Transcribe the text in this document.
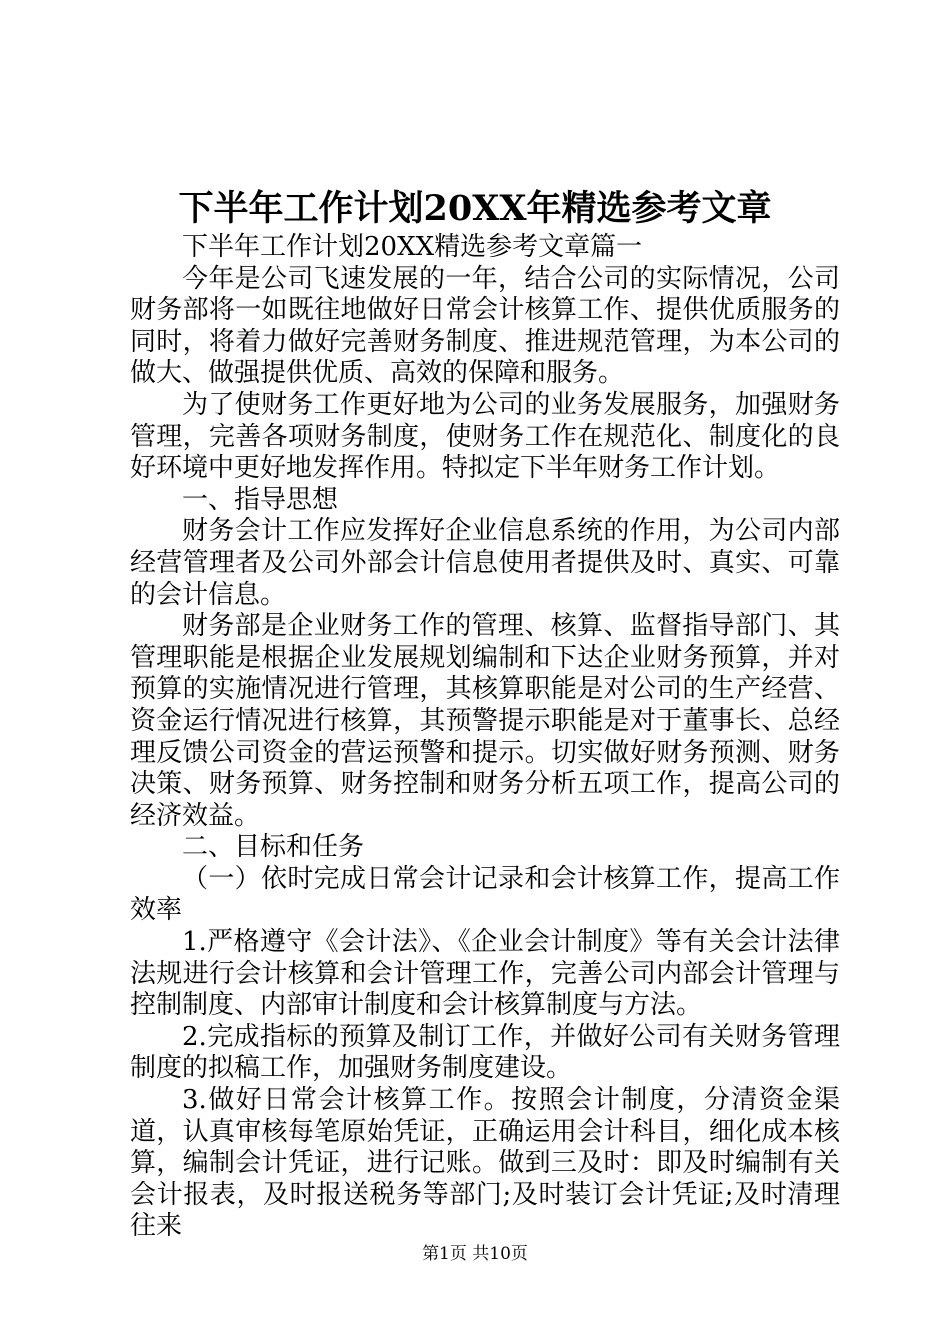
下半年工作计划20XX年精选参考文章

下半年工作计划20XX精选参考文章篇一

今年是公司飞速发展的一年，结合公司的实际情况，公司财务部将一如既往地做好日常会计核算工作、提供优质服务的同时，将着力做好完善财务制度、推进规范管理，为本公司的做大、做强提供优质、高效的保障和服务。

为了使财务工作更好地为公司的业务发展服务，加强财务管理，完善各项财务制度，使财务工作在规范化、制度化的良好环境中更好地发挥作用。特拟定下半年财务工作计划。

一、指导思想

财务会计工作应发挥好企业信息系统的作用，为公司内部经营管理者及公司外部会计信息使用者提供及时、真实、可靠的会计信息。

财务部是企业财务工作的管理、核算、监督指导部门、其管理职能是根据企业发展规划编制和下达企业财务预算，并对预算的实施情况进行管理，其核算职能是对公司的生产经营、资金运行情况进行核算，其预警提示职能是对于董事长、总经理反馈公司资金的营运预警和提示。切实做好财务预测、财务决策、财务预算、财务控制和财务分析五项工作，提高公司的经济效益。

二、目标和任务

（一）依时完成日常会计记录和会计核算工作，提高工作效率

1.严格遵守《会计法》、《企业会计制度》等有关会计法律法规进行会计核算和会计管理工作，完善公司内部会计管理与控制制度、内部审计制度和会计核算制度与方法。

2.完成指标的预算及制订工作，并做好公司有关财务管理制度的拟稿工作，加强财务制度建设。

3.做好日常会计核算工作。按照会计制度，分清资金渠道，认真审核每笔原始凭证，正确运用会计科目，细化成本核算，编制会计凭证，进行记账。做到三及时：即及时编制有关会计报表，及时报送税务等部门;及时装订会计凭证;及时清理往来

第1页 共10页
